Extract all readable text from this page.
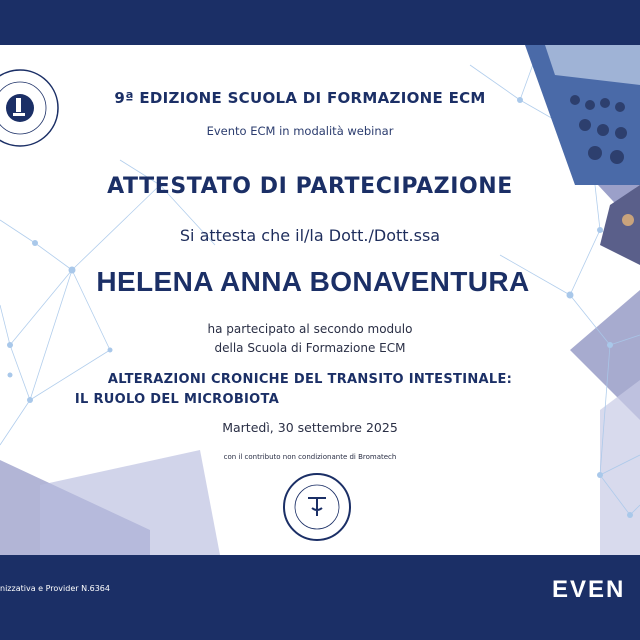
9ª EDIZIONE SCUOLA DI FORMAZIONE ECM
Evento ECM in modalità webinar
ATTESTATO DI PARTECIPAZIONE
Si attesta che il/la Dott./Dott.ssa
HELENA ANNA BONAVENTURA
ha partecipato al secondo modulo
della Scuola di Formazione ECM
ALTERAZIONI CRONICHE DEL TRANSITO INTESTINALE:
IL RUOLO DEL MICROBIOTA
Martedì, 30 settembre 2025
con il contributo non condizionante di Bromatech
nizzativa e Provider N.6364	EVEN
